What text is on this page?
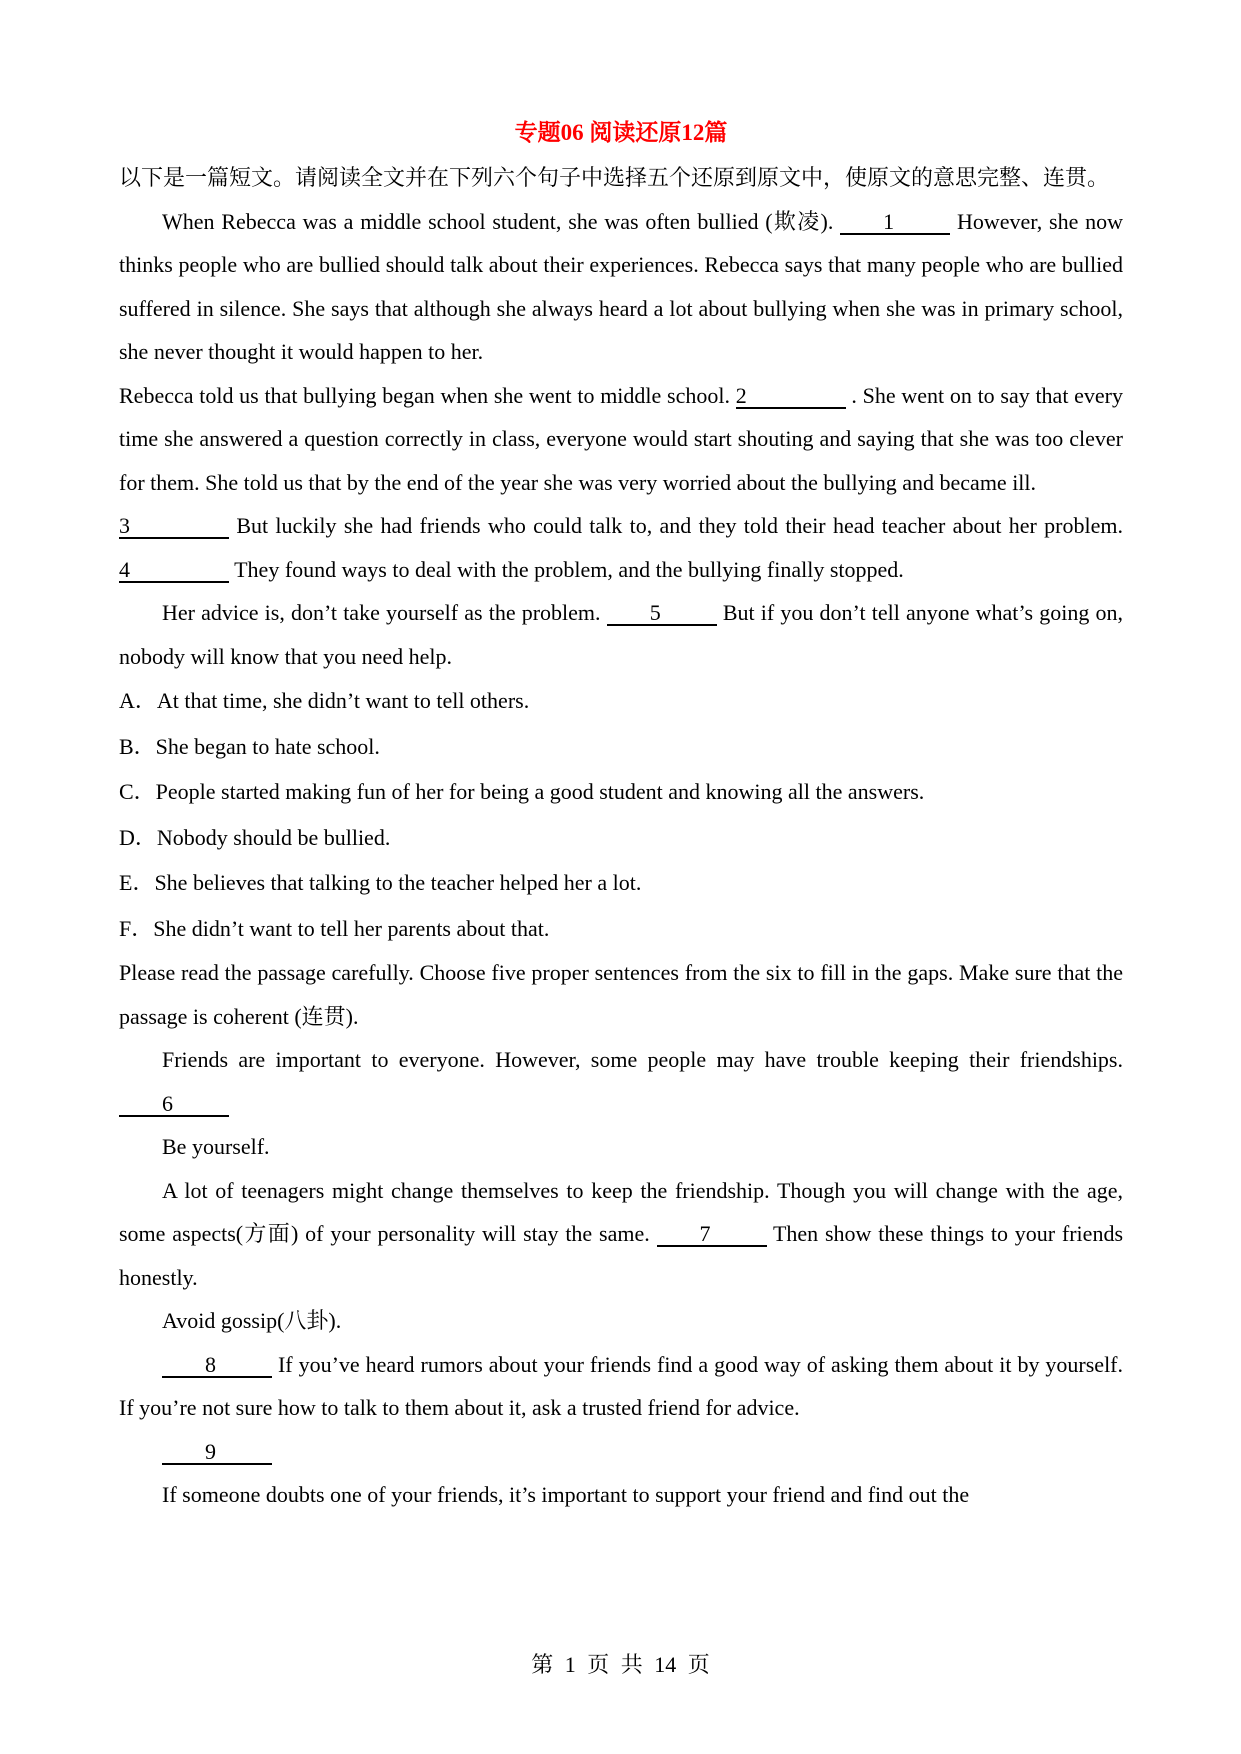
专题06 阅读还原12篇

以下是一篇短文。请阅读全文并在下列六个句子中选择五个还原到原文中，使原文的意思完整、连贯。

When Rebecca was a middle school student, she was often bullied (欺凌). 1	However, she now thinks people who are bullied should talk about their experiences. Rebecca says that many people who are bullied suffered in silence. She says that although she always heard a lot about bullying when she was in primary school, she never thought it would happen to her.

Rebecca told us that bullying began when she went to middle school. 2	. She went on to say that every time she answered a question correctly in class, everyone would start shouting and saying that she was too clever for them. She told us that by the end of the year she was very worried about the bullying and became ill.

3	But luckily she had friends who could talk to, and they told their head teacher about her problem. 4	They found ways to deal with the problem, and the bullying finally stopped.

Her advice is, don’t take yourself as the problem. 5	But if you don’t tell anyone what’s going on, nobody will know that you need help.

A．At that time, she didn’t want to tell others.

B．She began to hate school.

C．People started making fun of her for being a good student and knowing all the answers.

D．Nobody should be bullied.

E．She believes that talking to the teacher helped her a lot.

F．She didn’t want to tell her parents about that.

Please read the passage carefully. Choose five proper sentences from the six to fill in the gaps. Make sure that the passage is coherent (连贯).

Friends are important to everyone. However, some people may have trouble keeping their friendships. 6

Be yourself.

A lot of teenagers might change themselves to keep the friendship. Though you will change with the age, some aspects(方面) of your personality will stay the same. 7	Then show these things to your friends honestly.

Avoid gossip(八卦).

8	If you’ve heard rumors about your friends find a good way of asking them about it by yourself. If you’re not sure how to talk to them about it, ask a trusted friend for advice.

9

If someone doubts one of your friends, it’s important to support your friend and find out the

第 1 页 共 14 页
